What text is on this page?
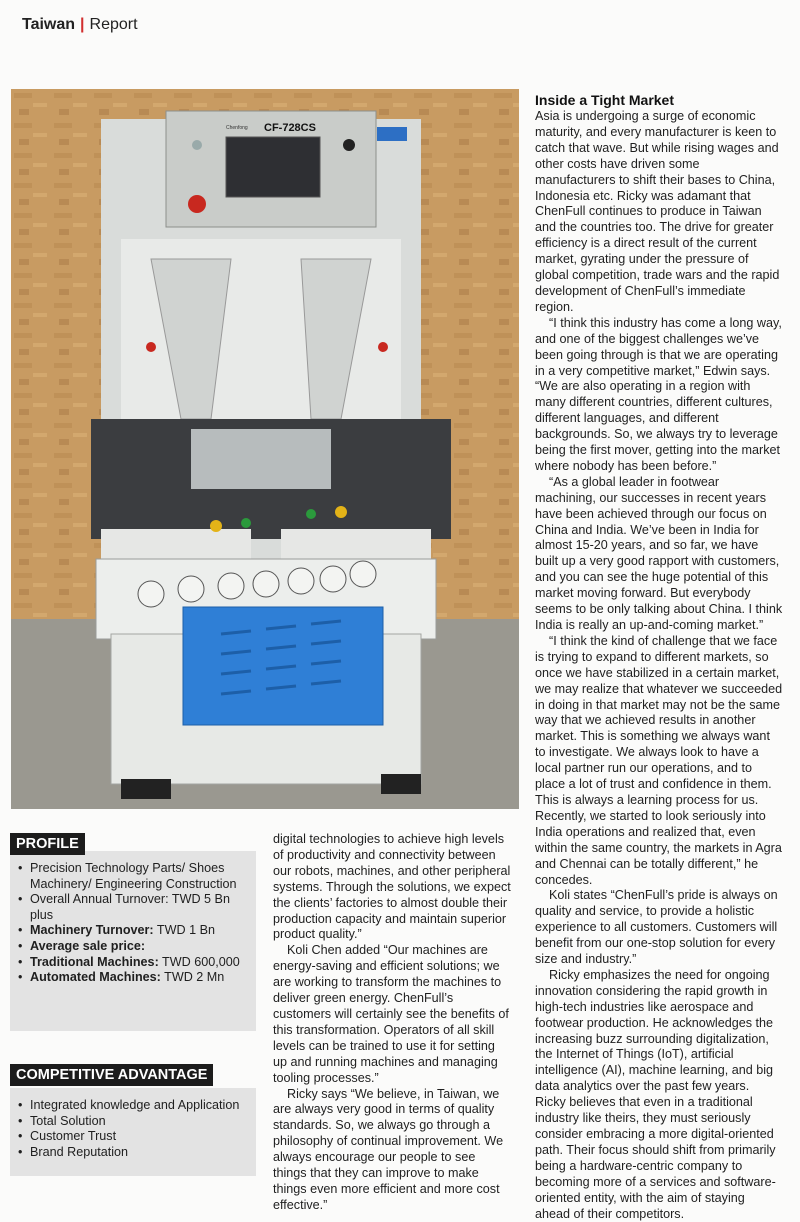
Taiwan | Report
CF-728CS
Chenfong
• Precision Technology Parts/ Shoes Machinery/ Engineering Construction
• Overall Annual Turnover: TWD 5 Bn plus
• Machinery Turnover: TWD 1 Bn
• Average sale price:
• Traditional Machines: TWD 600,000
• Automated Machines: TWD 2 Mn
PROFILE
• Integrated knowledge and Application
• Total Solution
• Customer Trust
• Brand Reputation
COMPETITIVE ADVANTAGE

digital technologies to achieve high levels of productivity and connectivity between our robots, machines, and other peripheral systems. Through the solutions, we expect the clients’ factories to almost double their production capacity and maintain superior product quality.”

Koli Chen added “Our machines are energy-saving and efficient solutions; we are working to transform the machines to deliver green energy. ChenFull’s customers will certainly see the benefits of this transformation. Operators of all skill levels can be trained to use it for setting up and running machines and managing tooling processes.”

Ricky says “We believe, in Taiwan, we are always very good in terms of quality standards. So, we always go through a philosophy of continual improvement. We always encourage our people to see things that they can improve to make things even more efficient and more cost effective.”

Inside a Tight Market

Asia is undergoing a surge of economic maturity, and every manufacturer is keen to catch that wave. But while rising wages and other costs have driven some manufacturers to shift their bases to China, Indonesia etc. Ricky was adamant that ChenFull continues to produce in Taiwan and the countries too. The drive for greater efficiency is a direct result of the current market, gyrating under the pressure of global competition, trade wars and the rapid development of ChenFull’s immediate region.

“I think this industry has come a long way, and one of the biggest challenges we’ve been going through is that we are operating in a very competitive market,” Edwin says. “We are also operating in a region with many different countries, different cultures, different languages, and different backgrounds. So, we always try to leverage being the first mover, getting into the market where nobody has been before.”

“As a global leader in footwear machining, our successes in recent years have been achieved through our focus on China and India. We’ve been in India for almost 15-20 years, and so far, we have built up a very good rapport with customers, and you can see the huge potential of this market moving forward. But everybody seems to be only talking about China. I think India is really an up-and-coming market.”

“I think the kind of challenge that we face is trying to expand to different markets, so once we have stabilized in a certain market, we may realize that whatever we succeeded in doing in that market may not be the same way that we achieved results in another market. This is something we always want to investigate. We always look to have a local partner run our operations, and to place a lot of trust and confidence in them. This is always a learning process for us. Recently, we started to look seriously into India operations and realized that, even within the same country, the markets in Agra and Chennai can be totally different,” he concedes.

Koli states “ChenFull’s pride is always on quality and service, to provide a holistic experience to all customers. Customers will benefit from our one-stop solution for every size and industry.”

Ricky emphasizes the need for ongoing innovation considering the rapid growth in high-tech industries like aerospace and footwear production. He acknowledges the increasing buzz surrounding digitalization, the Internet of Things (IoT), artificial intelligence (AI), machine learning, and big data analytics over the past few years. Ricky believes that even in a traditional industry like theirs, they must seriously consider embracing a more digital-oriented path. Their focus should shift from primarily being a hardware-centric company to becoming more of a services and software-oriented entity, with the aim of staying ahead of their competitors.
